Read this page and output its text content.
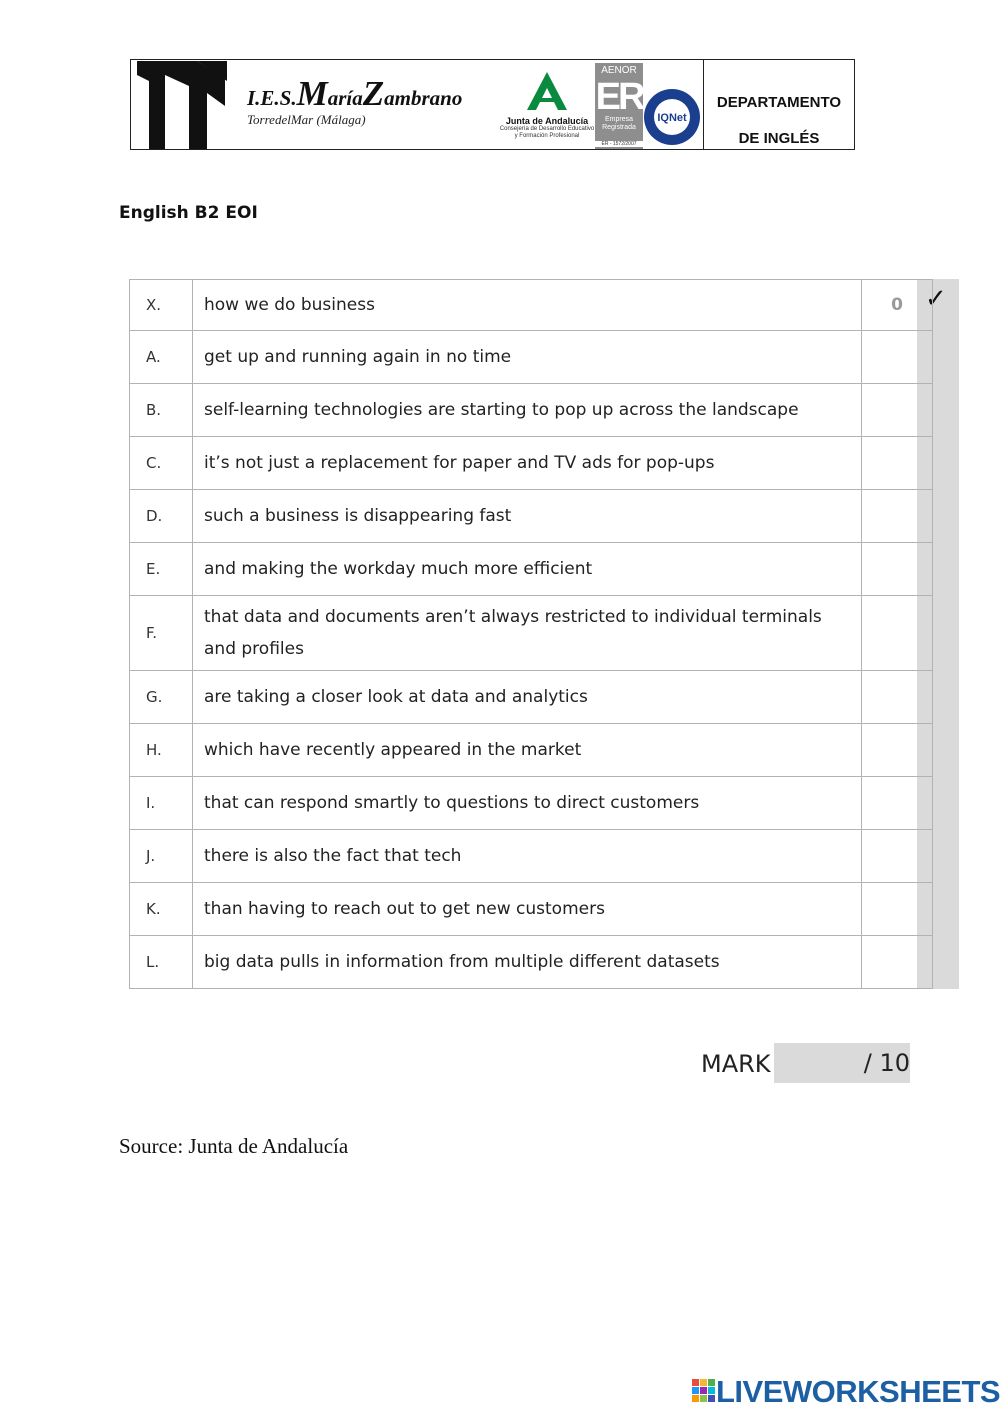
I.E.S.MaríaZambrano
TorredelMar (Málaga)	Junta de Andalucía
Consejería de Desarrollo Educativo
y Formación Profesional
AENOR
ER
Empresa
Registrada
ER - 1572/2007
IQNet
DEPARTAMENTO
DE INGLÉS
English B2 EOI
✓
X.	how we do business	0
A.	get up and running again in no time	
B.	self-learning technologies are starting to pop up across the landscape	
C.	it’s not just a replacement for paper and TV ads for pop-ups	
D.	such a business is disappearing fast	
E.	and making the workday much more efficient	
F.	that data and documents aren’t always restricted to individual terminals and profiles	
G.	are taking a closer look at data and analytics	
H.	which have recently appeared in the market	
I.	that can respond smartly to questions to direct customers	
J.	there is also the fact that tech	
K.	than having to reach out to get new customers	
L.	big data pulls in information from multiple different datasets	
MARK	/ 10
Source: Junta de Andalucía
LIVEWORKSHEETS
